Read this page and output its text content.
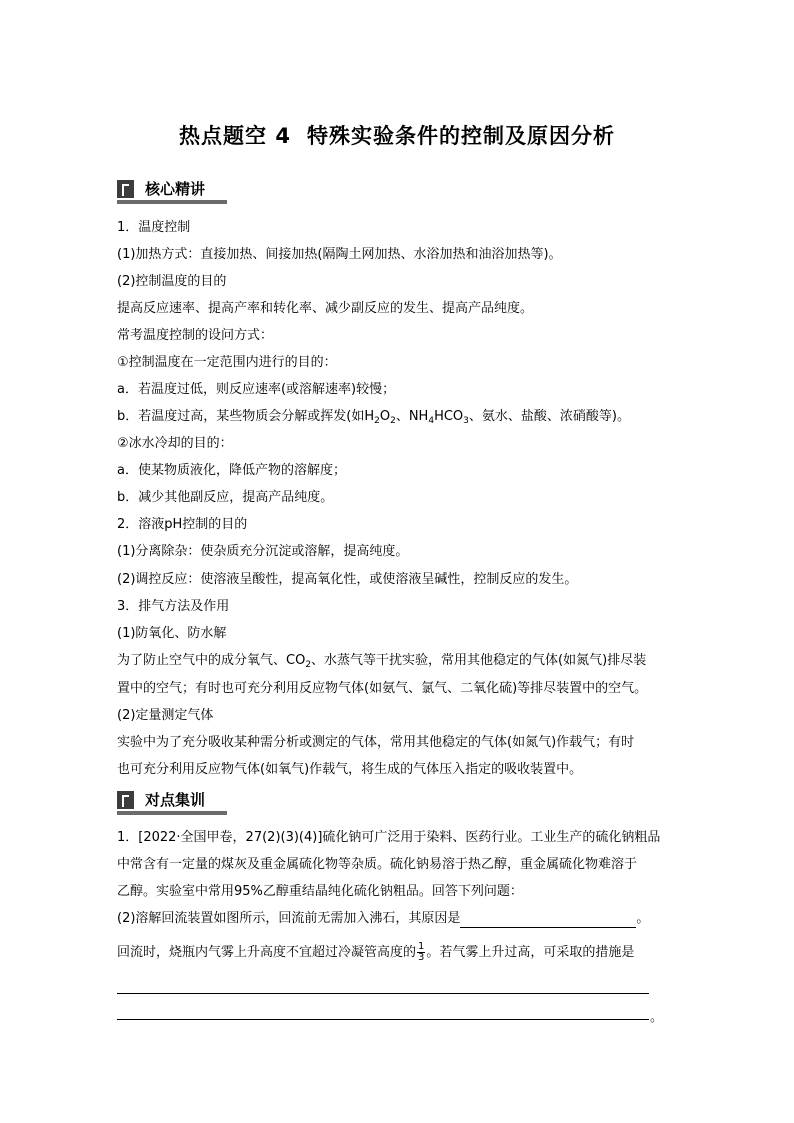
热点题空 4 特殊实验条件的控制及原因分析
核心精讲
1．温度控制
(1)加热方式：直接加热、间接加热(隔陶土网加热、水浴加热和油浴加热等)。
(2)控制温度的目的
提高反应速率、提高产率和转化率、减少副反应的发生、提高产品纯度。
常考温度控制的设问方式：
①控制温度在一定范围内进行的目的：
a．若温度过低，则反应速率(或溶解速率)较慢；
b．若温度过高，某些物质会分解或挥发(如$H_2O_2$、$NH_4HCO_3$、氨水、盐酸、浓硝酸等)。
②冰水冷却的目的：
a．使某物质液化，降低产物的溶解度；
b．减少其他副反应，提高产品纯度。
2．溶液pH控制的目的
(1)分离除杂：使杂质充分沉淀或溶解，提高纯度。
(2)调控反应：使溶液呈酸性，提高氧化性，或使溶液呈碱性，控制反应的发生。
3．排气方法及作用
(1)防氧化、防水解
为了防止空气中的成分氧气、$CO_2$、水蒸气等干扰实验，常用其他稳定的气体(如氮气)排尽装
置中的空气；有时也可充分利用反应物气体(如氨气、氯气、二氧化硫)等排尽装置中的空气。
(2)定量测定气体
实验中为了充分吸收某种需分析或测定的气体，常用其他稳定的气体(如氮气)作载气；有时
也可充分利用反应物气体(如氧气)作载气，将生成的气体压入指定的吸收装置中。
对点集训
1．[2022·全国甲卷，27(2)(3)(4)]硫化钠可广泛用于染料、医药行业。工业生产的硫化钠粗品
中常含有一定量的煤灰及重金属硫化物等杂质。硫化钠易溶于热乙醇，重金属硫化物难溶于
乙醇。实验室中常用95%乙醇重结晶纯化硫化钠粗品。回答下列问题：
(2)溶解回流装置如图所示，回流前无需加入沸石，其原因是	。
回流时，烧瓶内气雾上升高度不宜超过冷凝管高度的 $\frac{1}{3}$ 。若气雾上升过高，可采取的措施是
。
